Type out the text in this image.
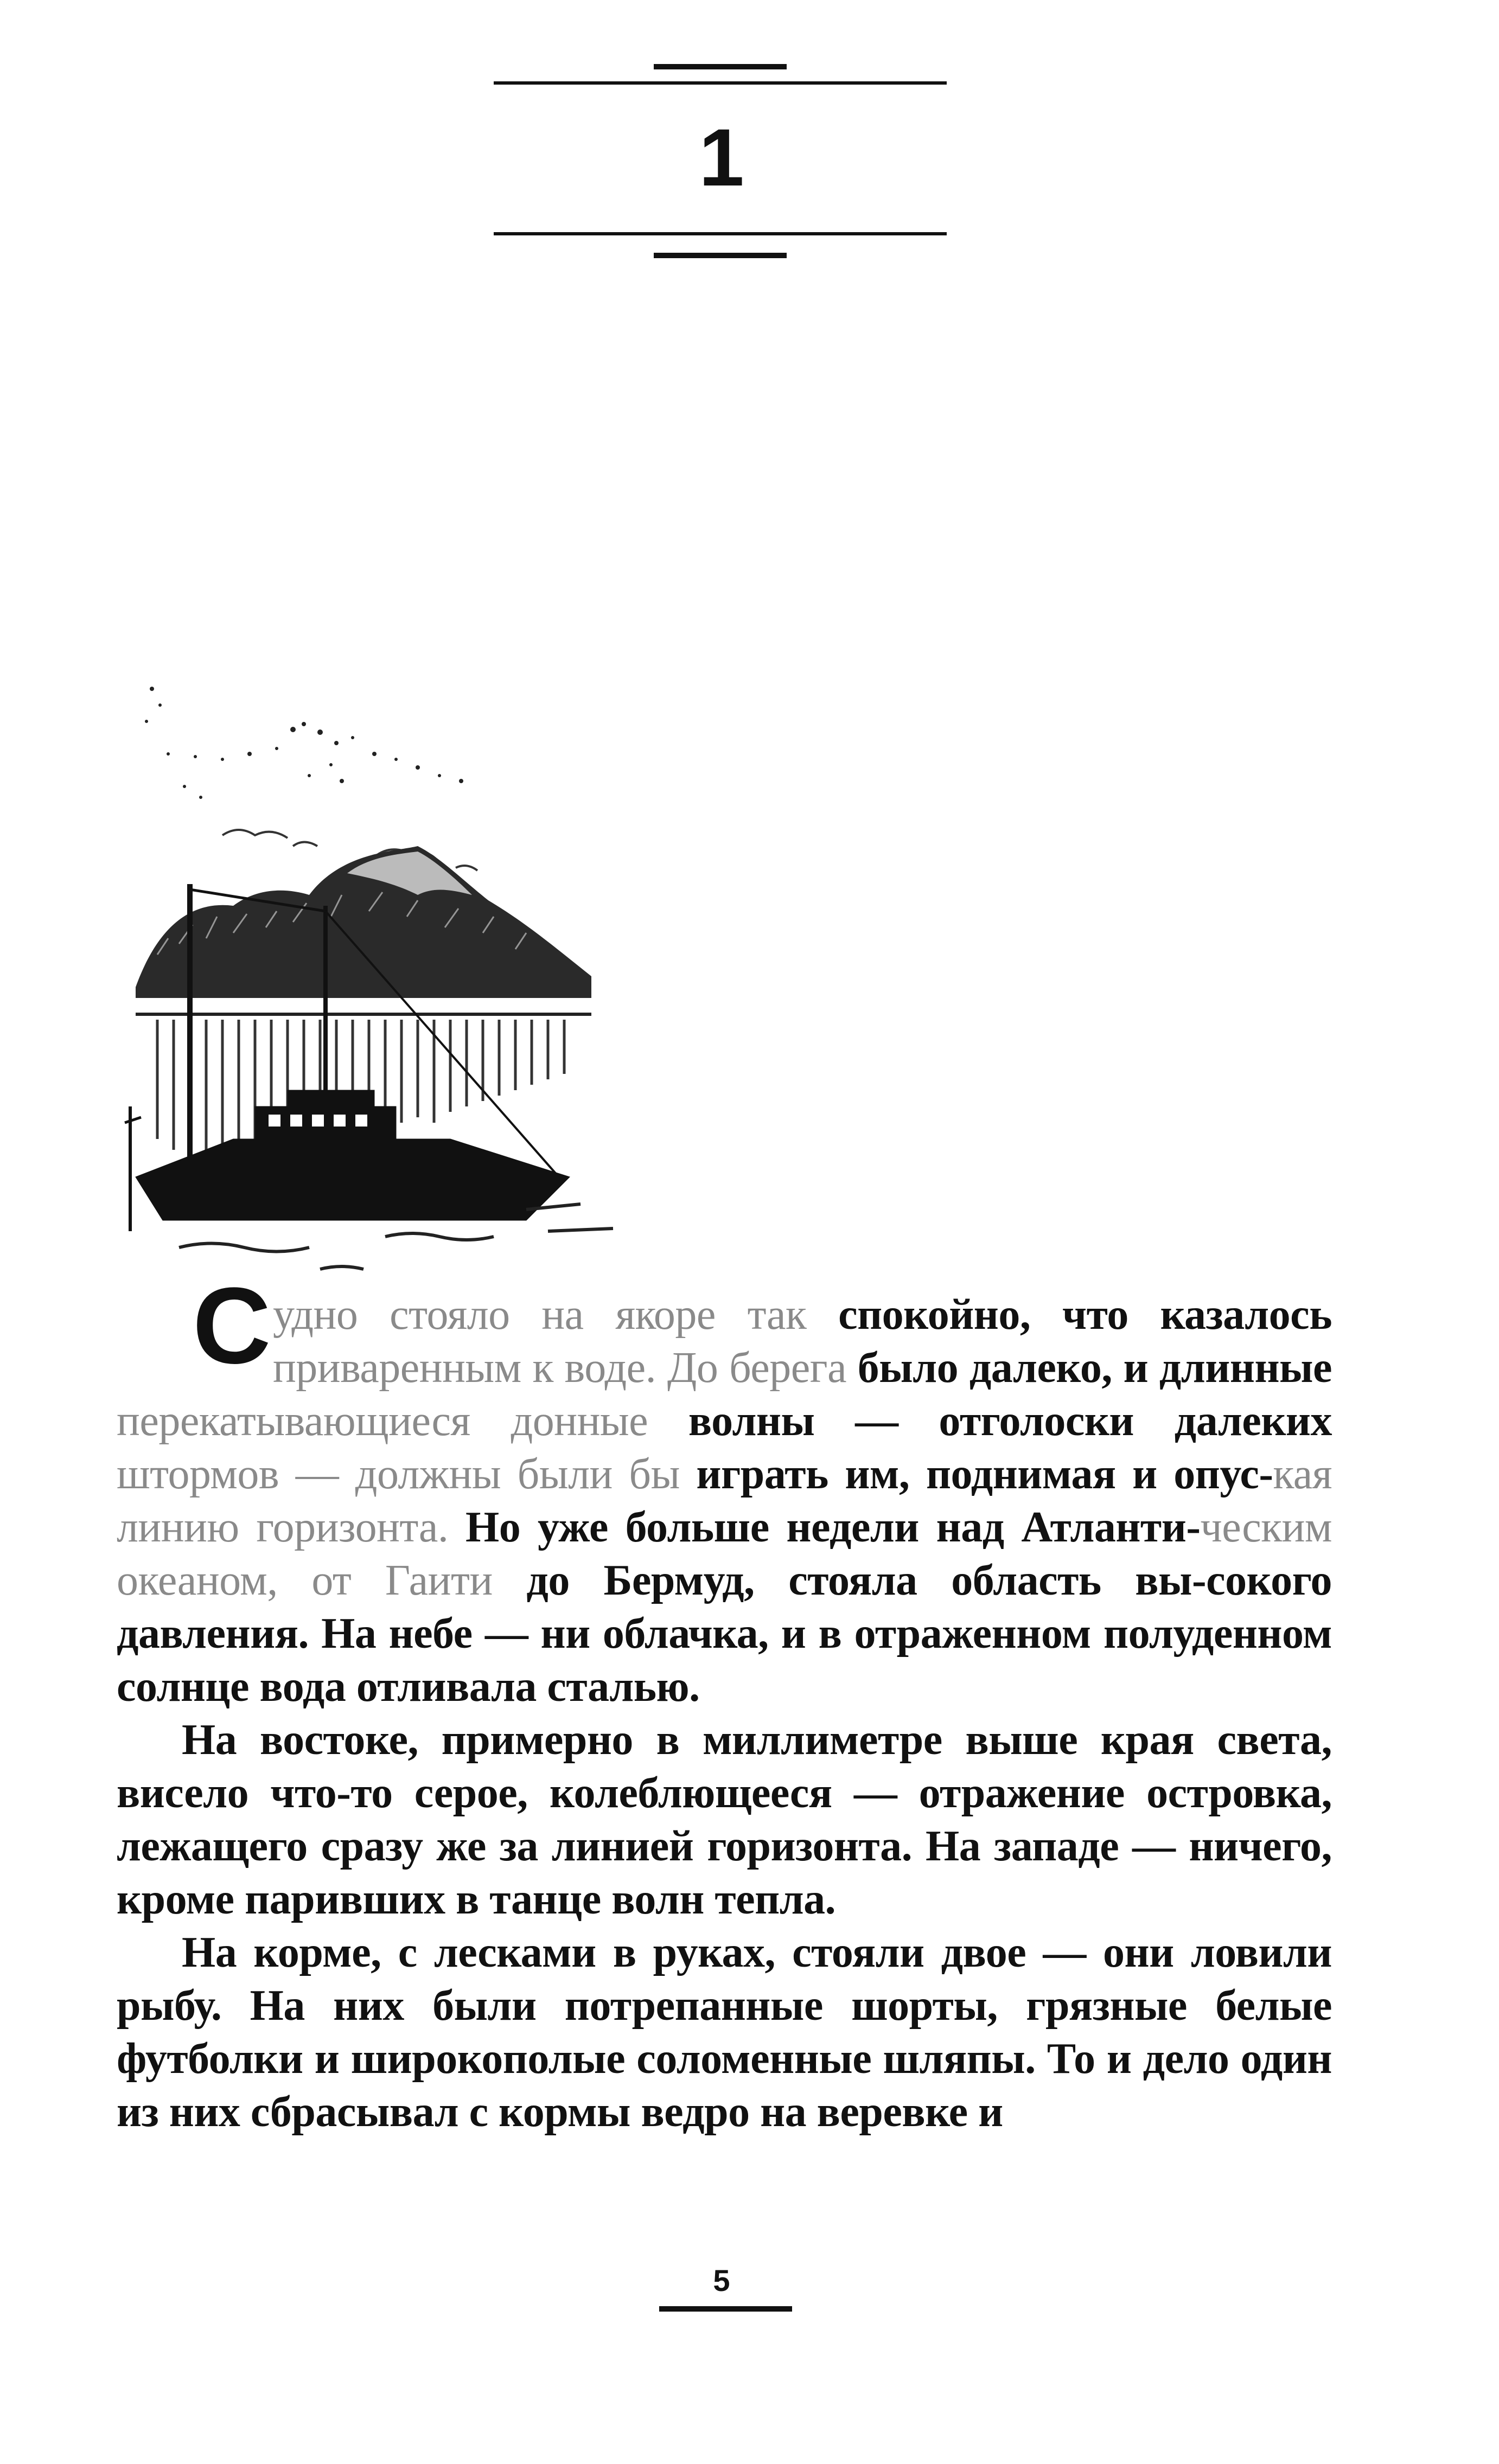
1

Судно стояло на якоре так спокойно, что казалось приваренным к воде. До берега было далеко, и длинные перекатывающиеся донные волны — отголоски далеких штормов — должны были бы играть им, поднимая и опус-кая линию горизонта. Но уже больше недели над Атланти-ческим океаном, от Гаити до Бермуд, стояла область вы-сокого давления. На небе — ни облачка, и в отраженном полуденном солнце вода отливала сталью.

На востоке, примерно в миллиметре выше края света, висело что-то серое, колеблющееся — отражение островка, лежащего сразу же за линией горизонта. На западе — ничего, кроме паривших в танце волн тепла.

На корме, с лесками в руках, стояли двое — они ловили рыбу. На них были потрепанные шорты, грязные белые футболки и широкополые соломенные шляпы. То и дело один из них сбрасывал с кормы ведро на веревке и

5
